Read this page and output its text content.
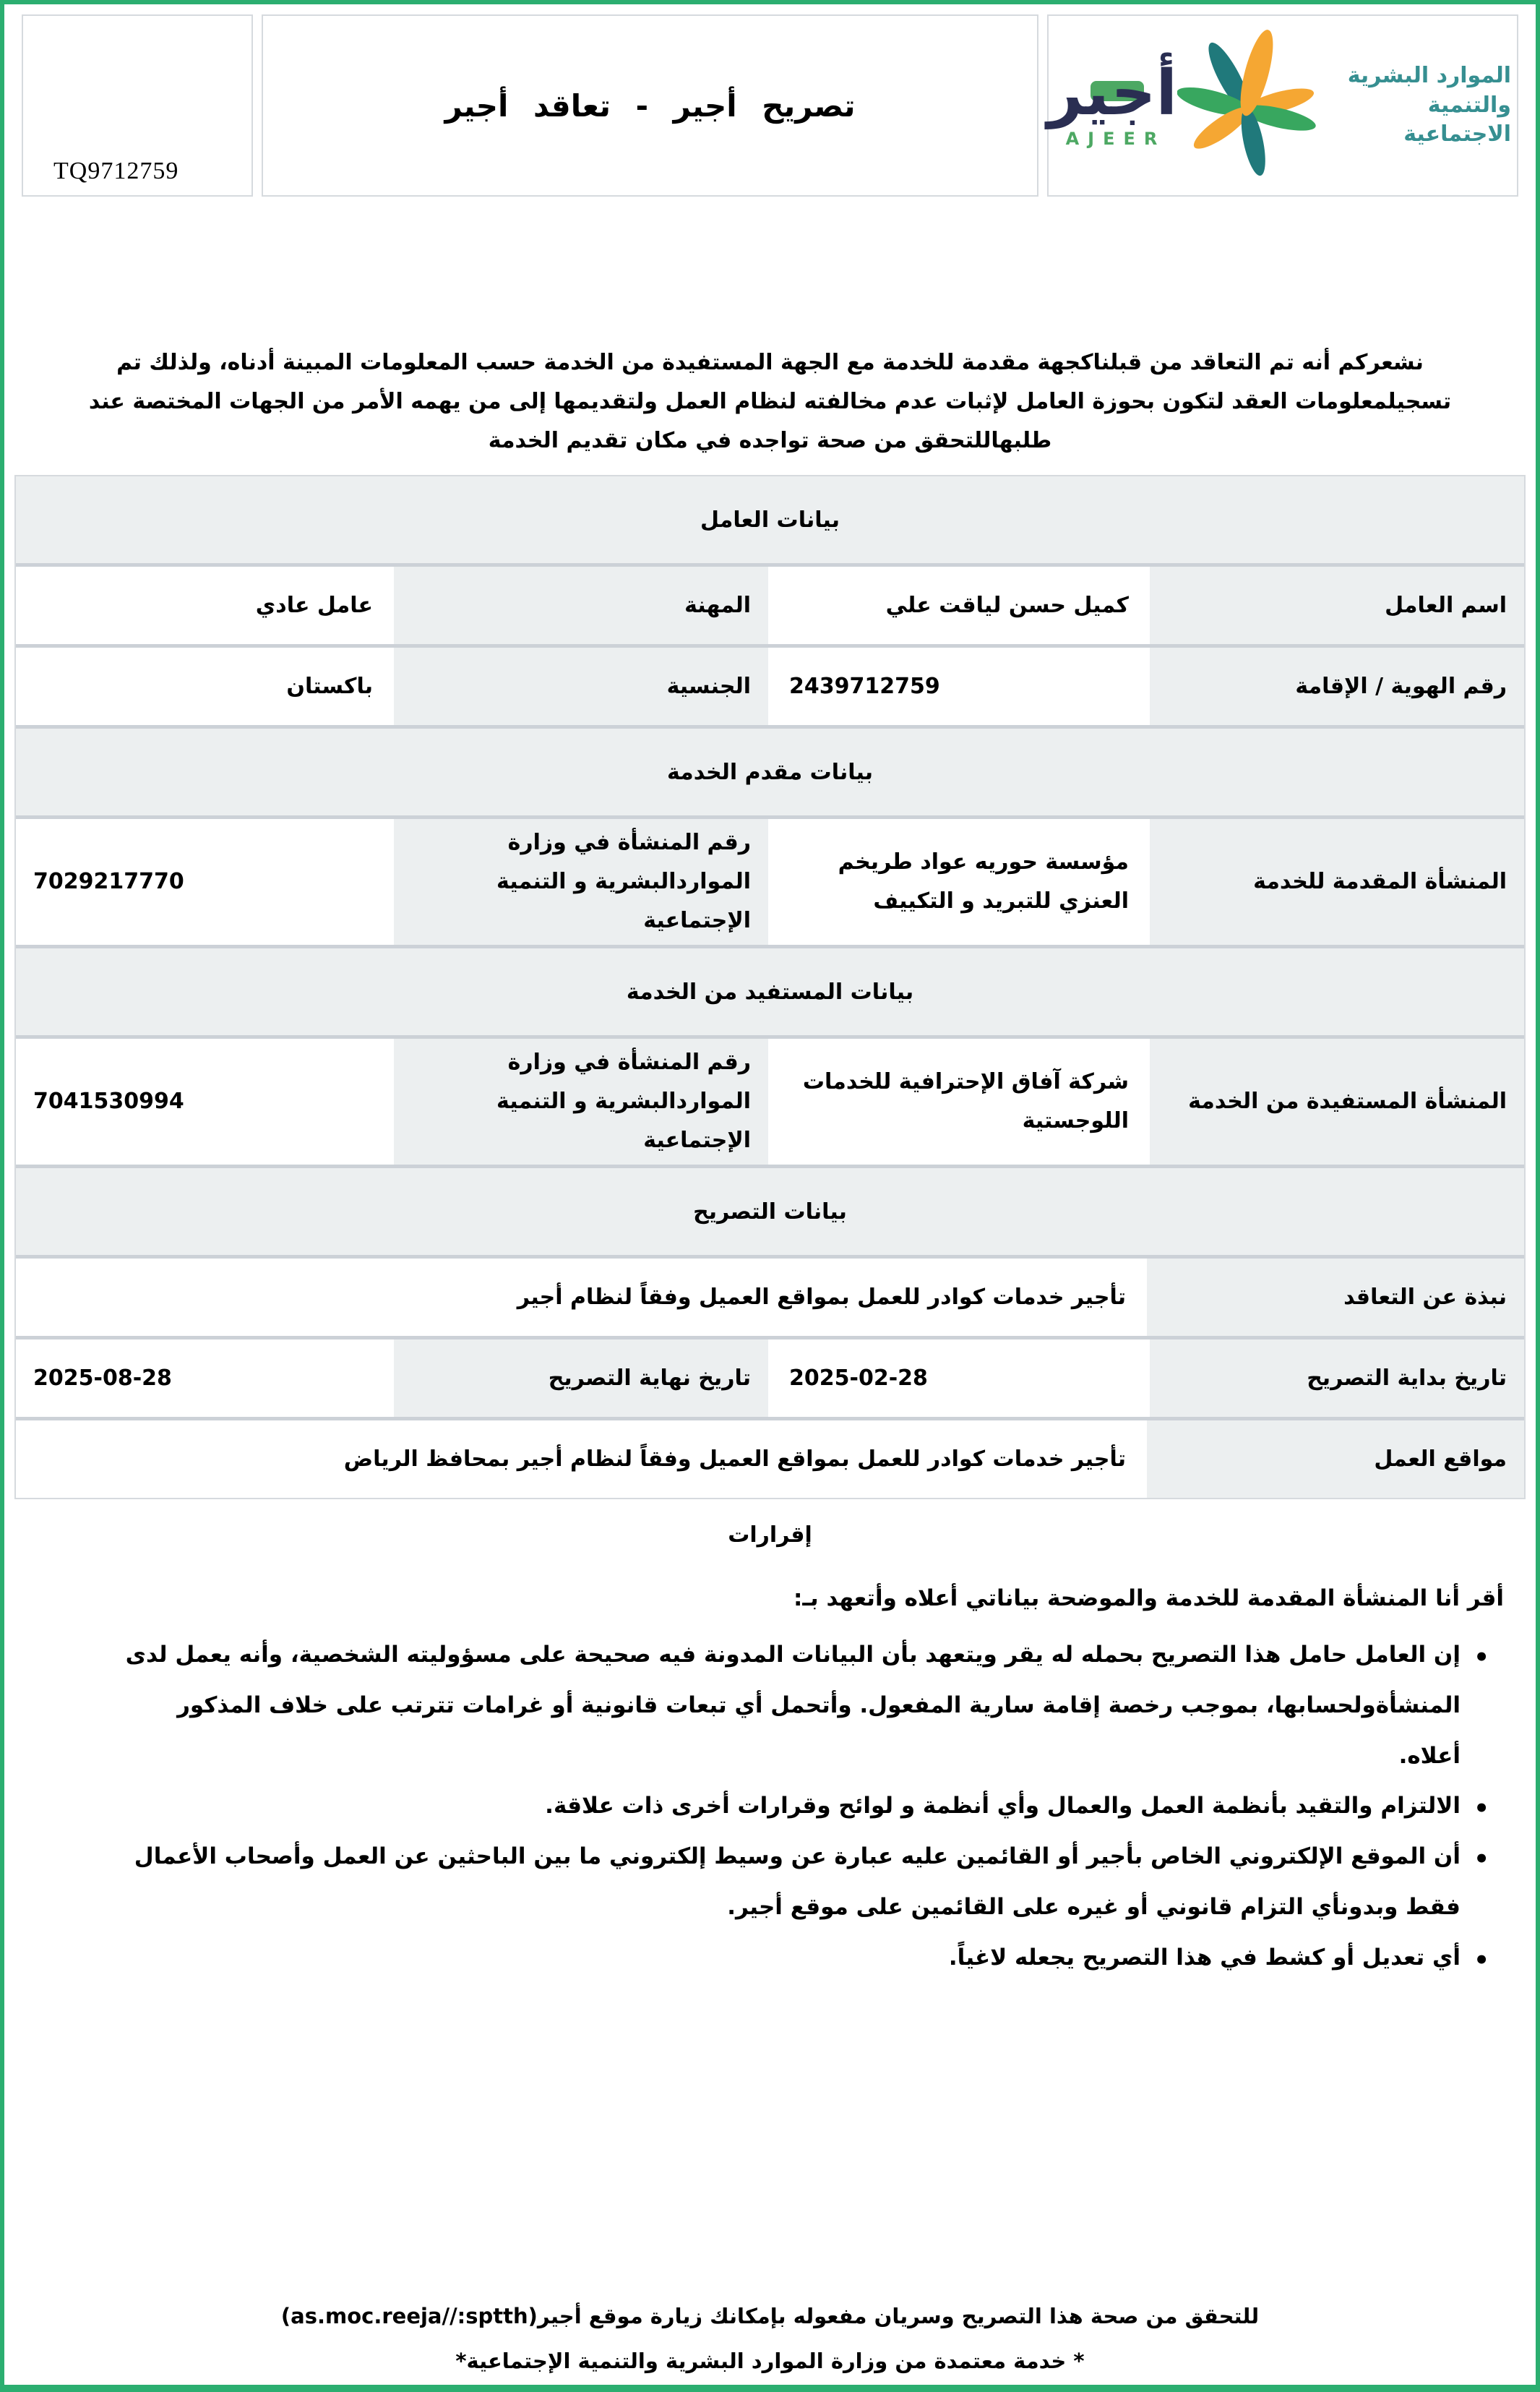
الموارد البشرية
والتنمية الاجتماعية
أجير
AJEER
تصريح أجير - تعاقد أجير
TQ9712759
نشعركم أنه تم التعاقد من قبلناكجهة مقدمة للخدمة مع الجهة المستفيدة من الخدمة حسب المعلومات المبينة أدناه، ولذلك تم تسجيلمعلومات العقد لتكون بحوزة العامل لإثبات عدم مخالفته لنظام العمل ولتقديمها إلى من يهمه الأمر من الجهات المختصة عند طلبهاللتحقق من صحة تواجده في مكان تقديم الخدمة
بيانات العامل
اسم العامل
كميل حسن لياقت علي
المهنة
عامل عادي
رقم الهوية / الإقامة
2439712759
الجنسية
باكستان
بيانات مقدم الخدمة
المنشأة المقدمة للخدمة
مؤسسة حوريه عواد طريخم العنزي للتبريد و التكييف
رقم المنشأة في وزارة المواردالبشرية و التنمية الإجتماعية
7029217770
بيانات المستفيد من الخدمة
المنشأة المستفيدة من الخدمة
شركة آفاق الإحترافية للخدمات اللوجستية
رقم المنشأة في وزارة المواردالبشرية و التنمية الإجتماعية
7041530994
بيانات التصريح
نبذة عن التعاقد
تأجير خدمات كوادر للعمل بمواقع العميل وفقاً لنظام أجير
تاريخ بداية التصريح
2025-02-28
تاريخ نهاية التصريح
2025-08-28
مواقع العمل
تأجير خدمات كوادر للعمل بمواقع العميل وفقاً لنظام أجير بمحافظ الرياض
إقرارات
أقر أنا المنشأة المقدمة للخدمة والموضحة بياناتي أعلاه وأتعهد بـ:
• إن العامل حامل هذا التصريح بحمله له يقر ويتعهد بأن البيانات المدونة فيه صحيحة على مسؤوليته الشخصية، وأنه يعمل لدى المنشأةولحسابها، بموجب رخصة إقامة سارية المفعول. وأتحمل أي تبعات قانونية أو غرامات تترتب على خلاف المذكور أعلاه.
• الالتزام والتقيد بأنظمة العمل والعمال وأي أنظمة و لوائح وقرارات أخرى ذات علاقة.
• أن الموقع الإلكتروني الخاص بأجير أو القائمين عليه عبارة عن وسيط إلكتروني ما بين الباحثين عن العمل وأصحاب الأعمال فقط وبدونأي التزام قانوني أو غيره على القائمين على موقع أجير.
• أي تعديل أو كشط في هذا التصريح يجعله لاغياً.
للتحقق من صحة هذا التصريح وسريان مفعوله بإمكانك زيارة موقع أجير(as.moc.reeja//:sptth)
* خدمة معتمدة من وزارة الموارد البشرية والتنمية الإجتماعية*
